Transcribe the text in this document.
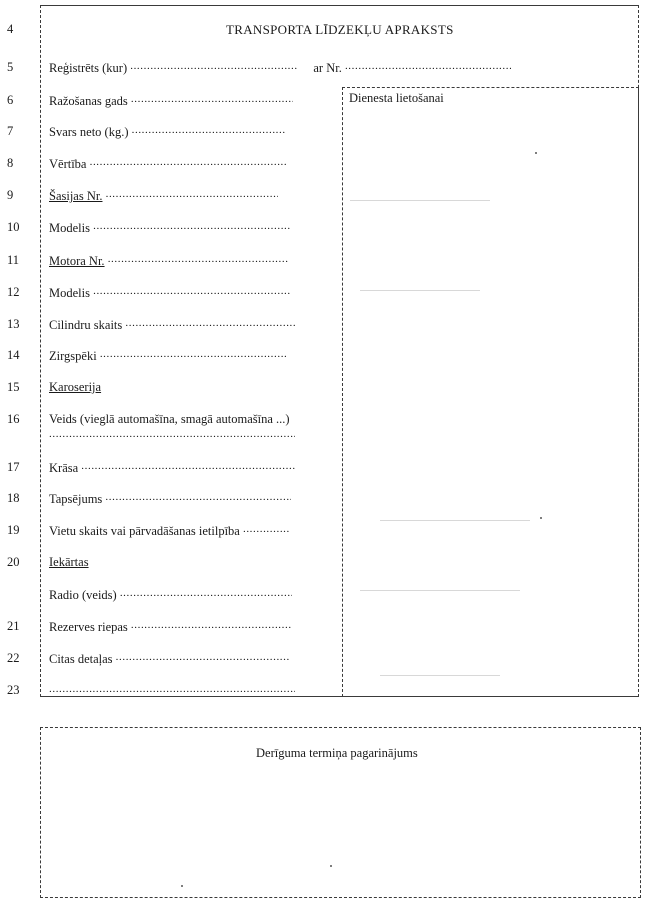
TRANSPORTA LĪDZEKĻU APRAKSTS
Dienesta lietošanai
Derīguma termiņa pagarinājums
4
5
6
7
8
9
10
11
12
13
14
15
16
17
18
19
20
21
22
23
Reģistrēts (kur) .....	ar Nr. .....
Ražošanas gads .....
Svars neto (kg.) .....
Vērtība .....
Šasijas Nr. .....
Modelis .....
Motora Nr. .....
Modelis .....
Cilindru skaits .....
Zirgspēki .....
Karoserija
Veids (vieglā automašīna, smagā automašīna ...)
.....
Krāsa .....
Tapsējums .....
Vietu skaits vai pārvadāšanas ietilpība .....
Iekārtas
Radio (veids) .....
Rezerves riepas .....
Citas detaļas .....
.....
